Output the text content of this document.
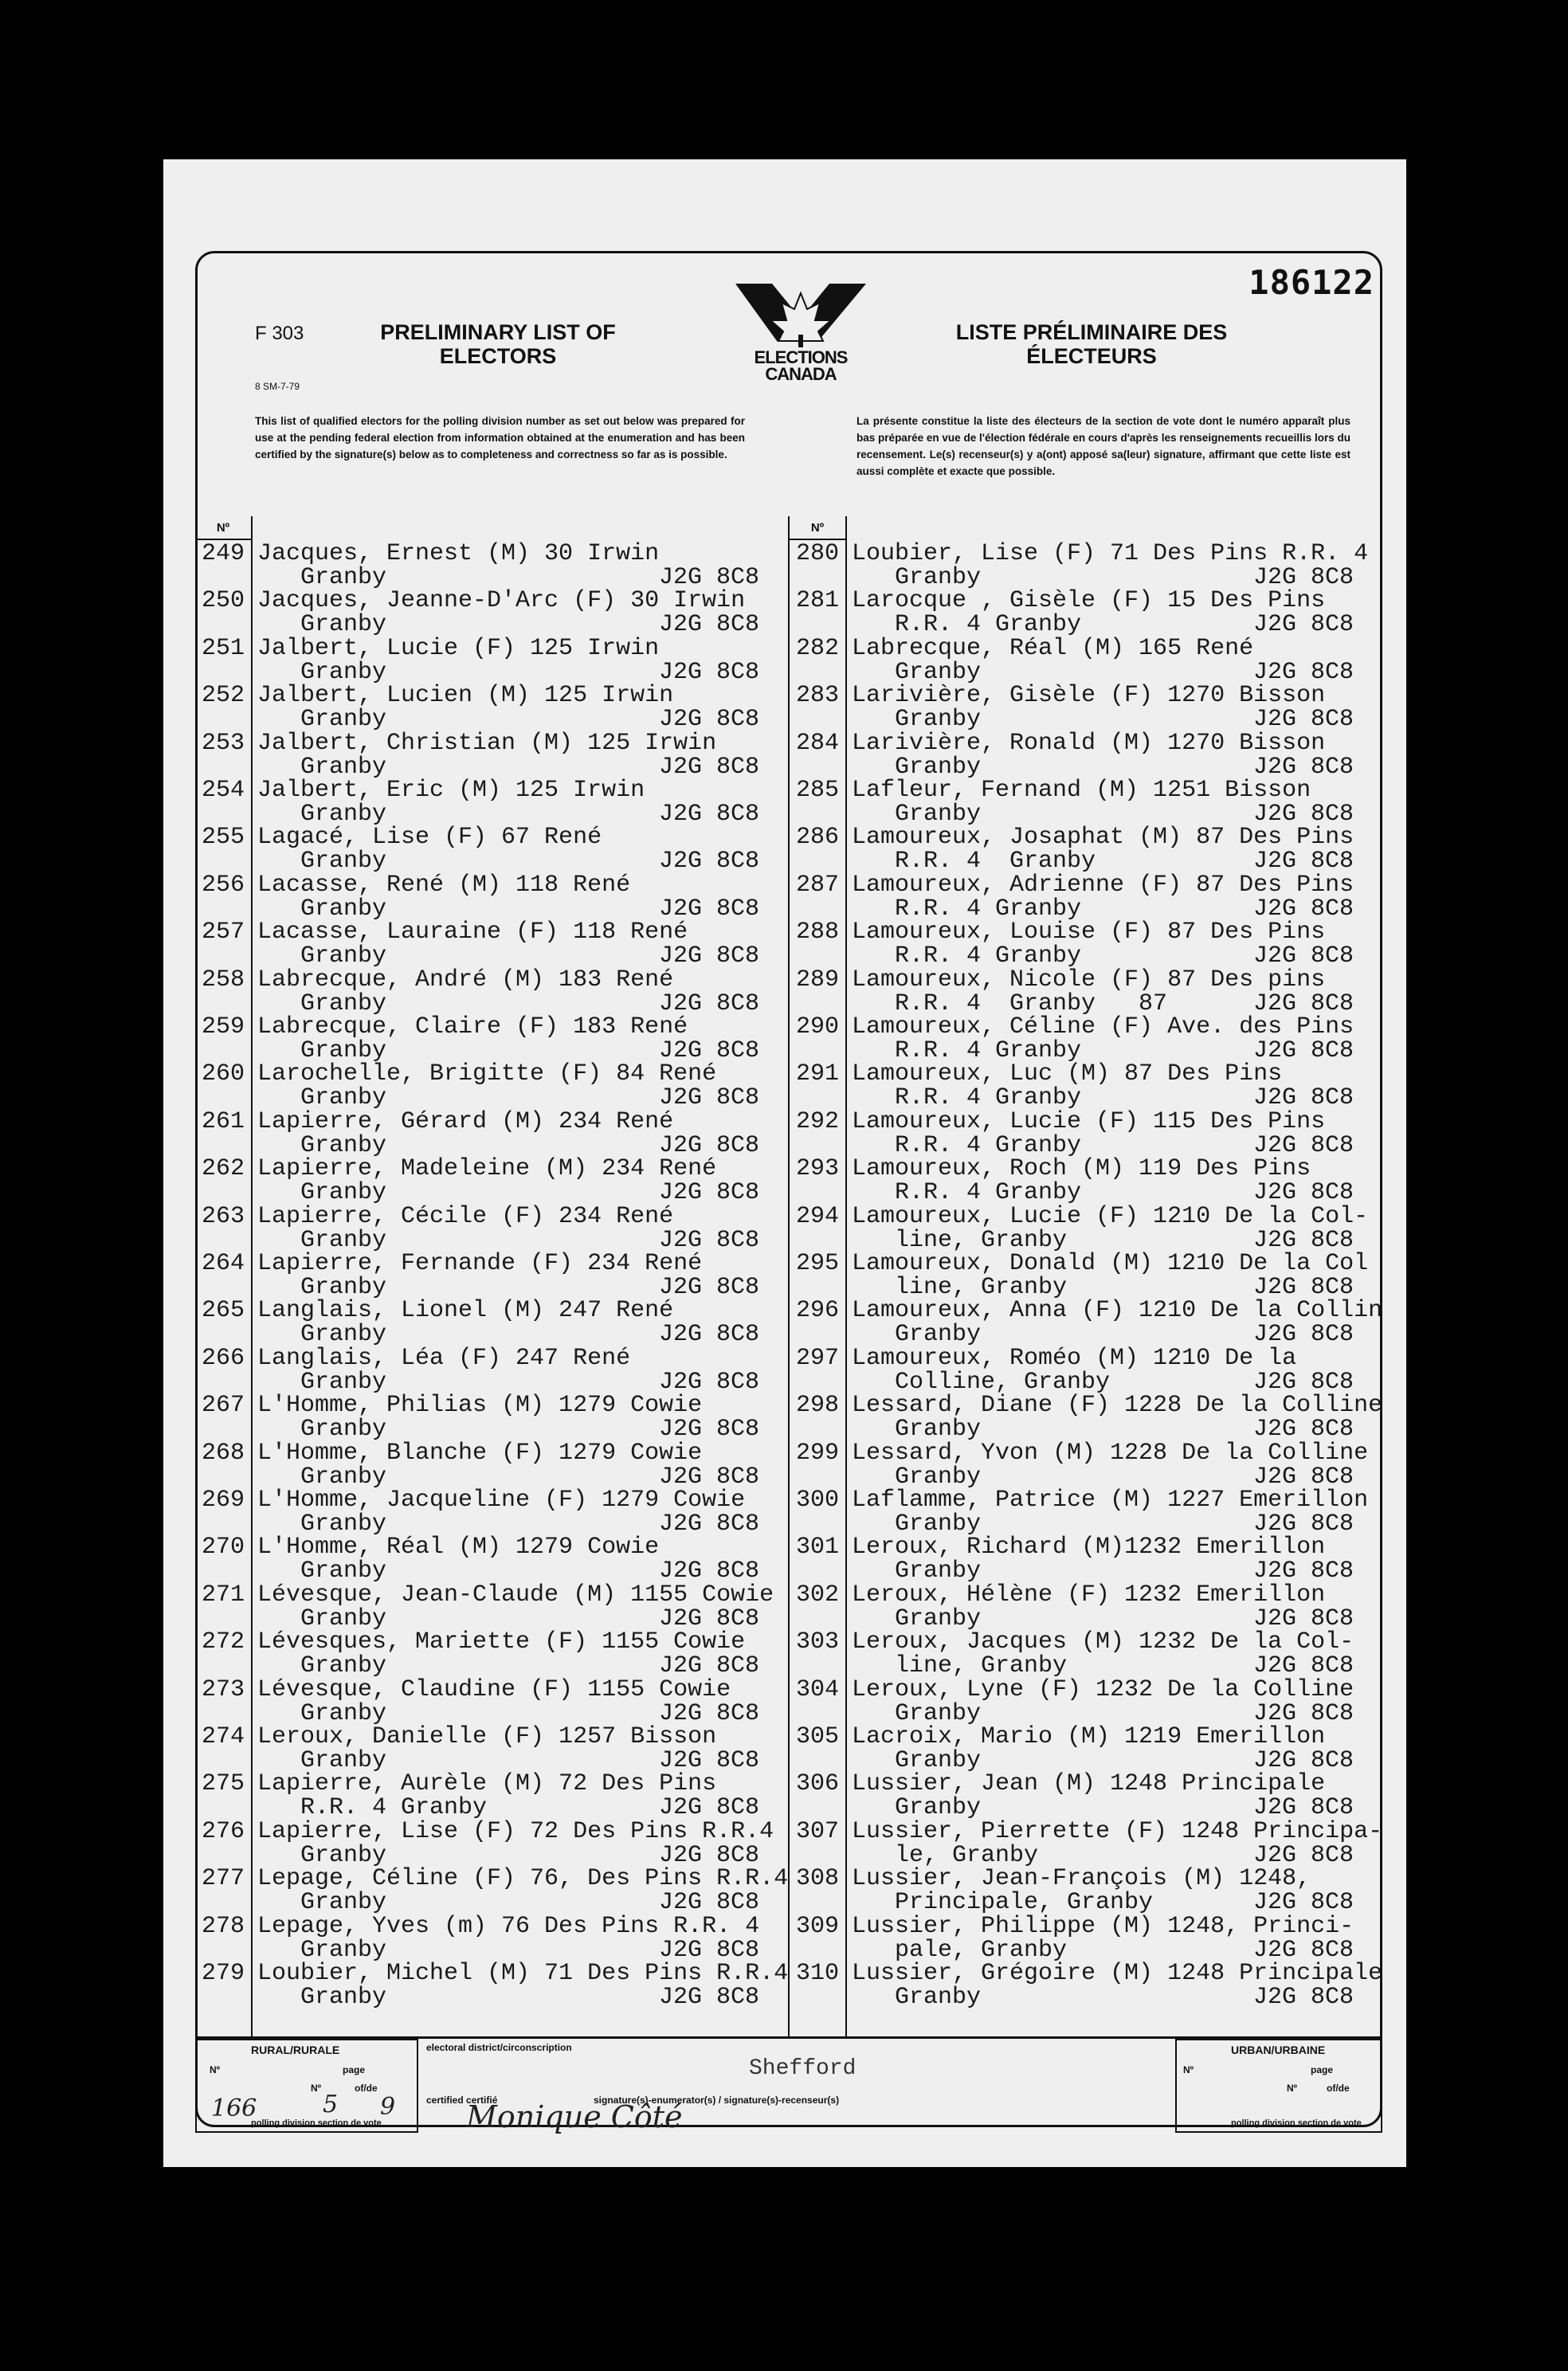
186122
F 303
8 SM-7-79
PRELIMINARY LIST OF ELECTORS
LISTE PRÉLIMINAIRE DES ÉLECTEURS
ELECTIONS
CANADA
This list of qualified electors for the polling division number as set out below was prepared for use at the pending federal election from information obtained at the enumeration and has been certified by the signature(s) below as to completeness and correctness so far as is possible.
La présente constitue la liste des électeurs de la section de vote dont le numéro apparaît plus bas préparée en vue de l'élection fédérale en cours d'après les renseignements recueillis lors du recensement. Le(s) recenseur(s) y a(ont) apposé sa(leur) signature, affirmant que cette liste est aussi complète et exacte que possible.
Nº	Nº
249 Jacques, Ernest (M) 30 Irwin
Granby	J2G 8C8
250 Jacques, Jeanne-D'Arc (F) 30 Irwin
Granby	J2G 8C8
251 Jalbert, Lucie (F) 125 Irwin
Granby	J2G 8C8
252 Jalbert, Lucien (M) 125 Irwin
Granby	J2G 8C8
253 Jalbert, Christian (M) 125 Irwin
Granby	J2G 8C8
254 Jalbert, Eric (M) 125 Irwin
Granby	J2G 8C8
255 Lagacé, Lise (F) 67 René
Granby	J2G 8C8
256 Lacasse, René (M) 118 René
Granby	J2G 8C8
257 Lacasse, Lauraine (F) 118 René
Granby	J2G 8C8
258 Labrecque, André (M) 183 René
Granby	J2G 8C8
259 Labrecque, Claire (F) 183 René
Granby	J2G 8C8
260 Larochelle, Brigitte (F) 84 René
Granby	J2G 8C8
261 Lapierre, Gérard (M) 234 René
Granby	J2G 8C8
262 Lapierre, Madeleine (M) 234 René
Granby	J2G 8C8
263 Lapierre, Cécile (F) 234 René
Granby	J2G 8C8
264 Lapierre, Fernande (F) 234 René
Granby	J2G 8C8
265 Langlais, Lionel (M) 247 René
Granby	J2G 8C8
266 Langlais, Léa (F) 247 René
Granby	J2G 8C8
267 L'Homme, Philias (M) 1279 Cowie
Granby	J2G 8C8
268 L'Homme, Blanche (F) 1279 Cowie
Granby	J2G 8C8
269 L'Homme, Jacqueline (F) 1279 Cowie
Granby	J2G 8C8
270 L'Homme, Réal (M) 1279 Cowie
Granby	J2G 8C8
271 Lévesque, Jean-Claude (M) 1155 Cowie
Granby	J2G 8C8
272 Lévesques, Mariette (F) 1155 Cowie
Granby	J2G 8C8
273 Lévesque, Claudine (F) 1155 Cowie
Granby	J2G 8C8
274 Leroux, Danielle (F) 1257 Bisson
Granby	J2G 8C8
275 Lapierre, Aurèle (M) 72 Des Pins
R.R. 4 Granby	J2G 8C8
276 Lapierre, Lise (F) 72 Des Pins R.R.4
Granby	J2G 8C8
277 Lepage, Céline (F) 76, Des Pins R.R.4
Granby	J2G 8C8
278 Lepage, Yves (m) 76 Des Pins R.R. 4
Granby	J2G 8C8
279 Loubier, Michel (M) 71 Des Pins R.R.4
Granby	J2G 8C8
280 Loubier, Lise (F) 71 Des Pins R.R. 4
Granby	J2G 8C8
281 Larocque , Gisèle (F) 15 Des Pins
R.R. 4 Granby	J2G 8C8
282 Labrecque, Réal (M) 165 René
Granby	J2G 8C8
283 Larivière, Gisèle (F) 1270 Bisson
Granby	J2G 8C8
284 Larivière, Ronald (M) 1270 Bisson
Granby	J2G 8C8
285 Lafleur, Fernand (M) 1251 Bisson
Granby	J2G 8C8
286 Lamoureux, Josaphat (M) 87 Des Pins
R.R. 4  Granby	J2G 8C8
287 Lamoureux, Adrienne (F) 87 Des Pins
R.R. 4 Granby	J2G 8C8
288 Lamoureux, Louise (F) 87 Des Pins
R.R. 4 Granby	J2G 8C8
289 Lamoureux, Nicole (F) 87 Des pins
R.R. 4  Granby   87	J2G 8C8
290 Lamoureux, Céline (F) Ave. des Pins
R.R. 4 Granby	J2G 8C8
291 Lamoureux, Luc (M) 87 Des Pins
R.R. 4 Granby	J2G 8C8
292 Lamoureux, Lucie (F) 115 Des Pins
R.R. 4 Granby	J2G 8C8
293 Lamoureux, Roch (M) 119 Des Pins
R.R. 4 Granby	J2G 8C8
294 Lamoureux, Lucie (F) 1210 De la Col-
line, Granby	J2G 8C8
295 Lamoureux, Donald (M) 1210 De la Col
line, Granby	J2G 8C8
296 Lamoureux, Anna (F) 1210 De la Collin
Granby	J2G 8C8
297 Lamoureux, Roméo (M) 1210 De la
Colline, Granby	J2G 8C8
298 Lessard, Diane (F) 1228 De la Colline
Granby	J2G 8C8
299 Lessard, Yvon (M) 1228 De la Colline
Granby	J2G 8C8
300 Laflamme, Patrice (M) 1227 Emerillon
Granby	J2G 8C8
301 Leroux, Richard (M)1232 Emerillon
Granby	J2G 8C8
302 Leroux, Hélène (F) 1232 Emerillon
Granby	J2G 8C8
303 Leroux, Jacques (M) 1232 De la Col-
line, Granby	J2G 8C8
304 Leroux, Lyne (F) 1232 De la Colline
Granby	J2G 8C8
305 Lacroix, Mario (M) 1219 Emerillon
Granby	J2G 8C8
306 Lussier, Jean (M) 1248 Principale
Granby	J2G 8C8
307 Lussier, Pierrette (F) 1248 Principa-
le, Granby	J2G 8C8
308 Lussier, Jean-François (M) 1248,
Principale, Granby	J2G 8C8
309 Lussier, Philippe (M) 1248, Princi-
pale, Granby	J2G 8C8
310 Lussier, Grégoire (M) 1248 Principale
Granby	J2G 8C8
RURAL/RURALE
Nº	page
Nº	of/de
166	5 9
polling division section de vote
electoral district/circonscription
Shefford
certified certifié	signature(s)-enumerator(s) / signature(s)-recenseur(s)
Monique Côté
URBAN/URBAINE
Nº	page
Nº	of/de
polling division section de vote
